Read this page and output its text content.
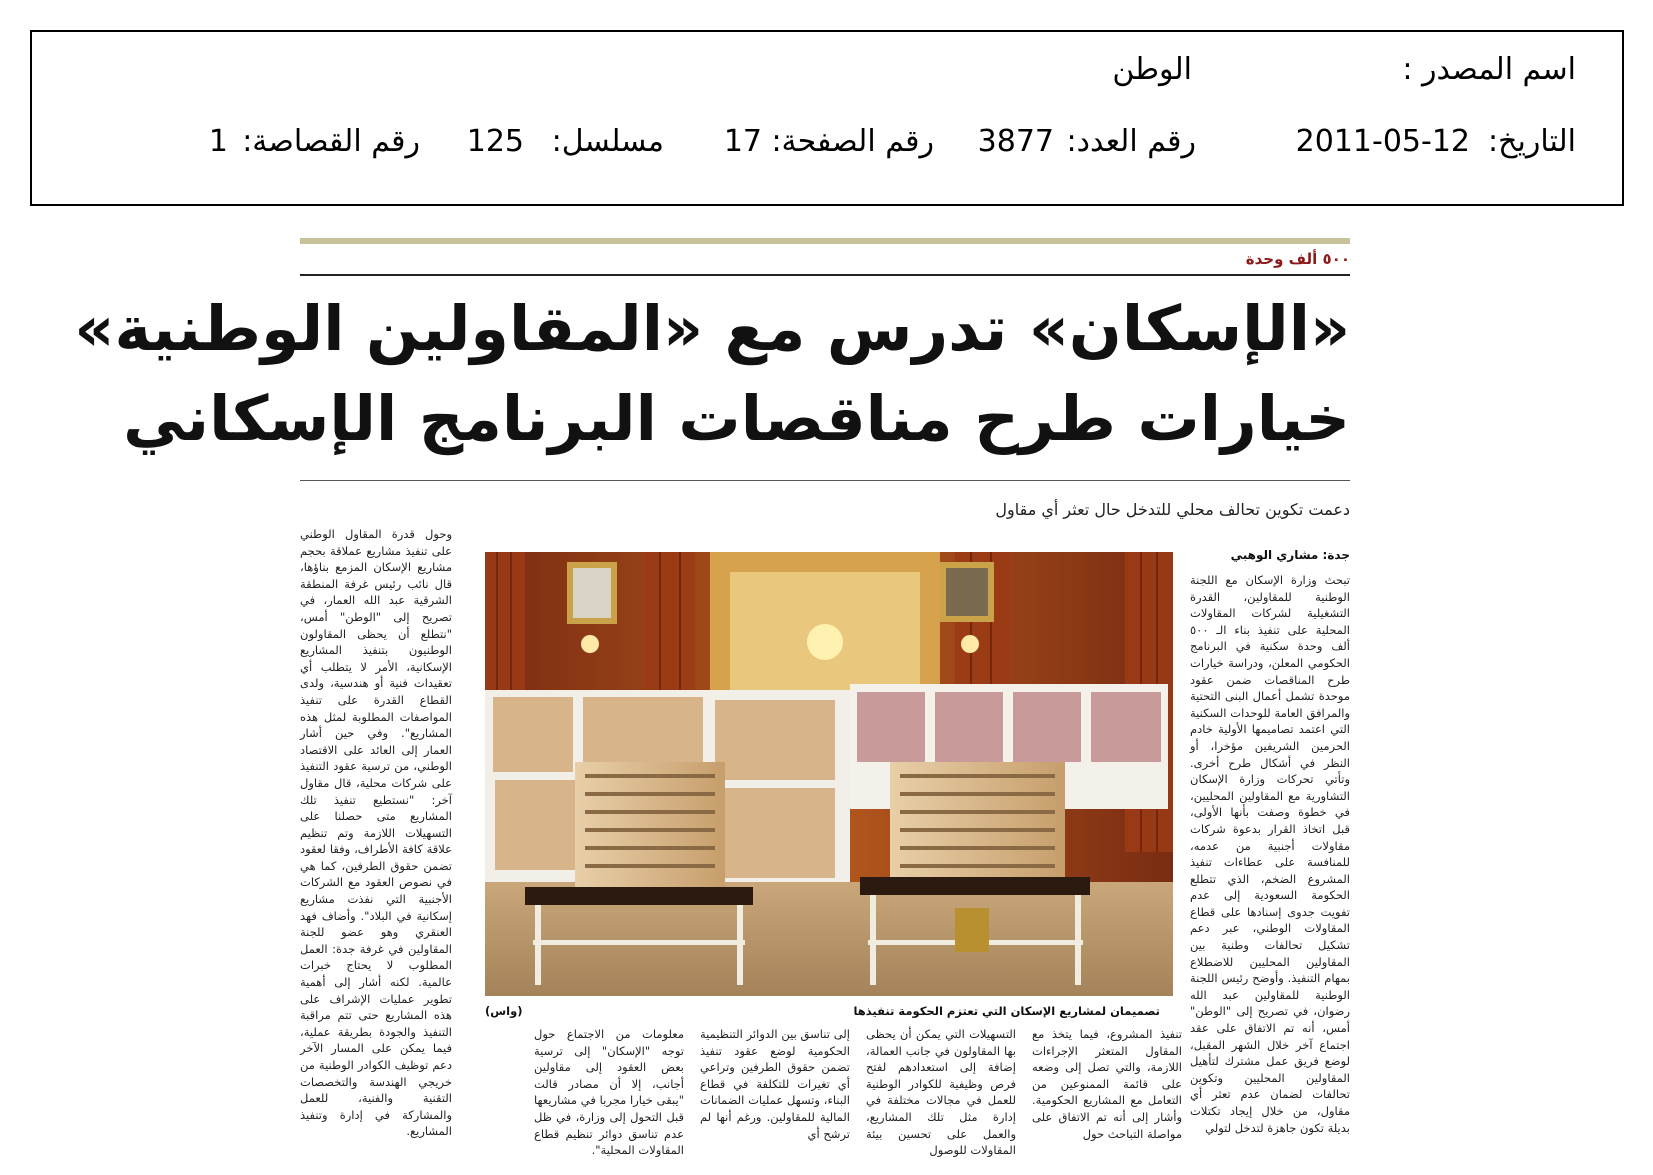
اسم المصدر :
الوطن
التاريخ:
2011-05-12
رقم العدد:
3877
رقم الصفحة:
17
مسلسل:
125
رقم القصاصة:
1
٥٠٠ ألف وحدة
«الإسكان» تدرس مع «المقاولين الوطنية»
خيارات طرح مناقصات البرنامج الإسكاني
دعمت تكوين تحالف محلي للتدخل حال تعثر أي مقاول
جدة: مشاري الوهبي
تبحث وزارة الإسكان مع اللجنة الوطنية للمقاولين، القدرة التشغيلية لشركات المقاولات المحلية على تنفيذ بناء الـ ٥٠٠ ألف وحدة سكنية في البرنامج الحكومي المعلن، ودراسة خيارات طرح المناقصات ضمن عقود موحدة تشمل أعمال البنى التحتية والمرافق العامة للوحدات السكنية التي اعتمد تصاميمها الأولية خادم الحرمين الشريفين مؤخرا، أو النظر في أشكال طرح أخرى. وتأتي تحركات وزارة الإسكان التشاورية مع المقاولين المحليين، في خطوة وصفت بأنها الأولى، قبل اتخاذ القرار بدعوة شركات مقاولات أجنبية من عدمه، للمنافسة على عطاءات تنفيذ المشروع الضخم، الذي تتطلع الحكومة السعودية إلى عدم تفويت جدوى إسنادها على قطاع المقاولات الوطني، عبر دعم تشكيل تحالفات وطنية بين المقاولين المحليين للاضطلاع بمهام التنفيذ. وأوضح رئيس اللجنة الوطنية للمقاولين عبد الله رضوان، في تصريح إلى "الوطن" أمس، أنه تم الاتفاق على عقد اجتماع آخر خلال الشهر المقبل، لوضع فريق عمل مشترك لتأهيل المقاولين المحليين وتكوين تحالفات لضمان عدم تعثر أي مقاول، من خلال إيجاد تكتلات بديلة تكون جاهزة لتدخل لتولي
وحول قدرة المقاول الوطني على تنفيذ مشاريع عملاقة بحجم مشاريع الإسكان المزمع بناؤها، قال نائب رئيس غرفة المنطقة الشرقية عبد الله العمار، في تصريح إلى "الوطن" أمس، "نتطلع أن يحظى المقاولون الوطنيون بتنفيذ المشاريع الإسكانية، الأمر لا يتطلب أي تعقيدات فنية أو هندسية، ولدى القطاع القدرة على تنفيذ المواصفات المطلوبة لمثل هذه المشاريع". وفي حين أشار العمار إلى العائد على الاقتصاد الوطني، من ترسية عقود التنفيذ على شركات محلية، قال مقاول آخر: "نستطيع تنفيذ تلك المشاريع متى حصلنا على التسهيلات اللازمة وتم تنظيم علاقة كافة الأطراف، وفقا لعقود تضمن حقوق الطرفين، كما هي في نصوص العقود مع الشركات الأجنبية التي نفذت مشاريع إسكانية في البلاد". وأضاف فهد العنقري وهو عضو للجنة المقاولين في غرفة جدة: العمل المطلوب لا يحتاج خبرات عالمية. لكنه أشار إلى أهمية تطوير عمليات الإشراف على هذه المشاريع حتى تتم مراقبة التنفيذ والجودة بطريقة عملية، فيما يمكن على المسار الآخر دعم توظيف الكوادر الوطنية من خريجي الهندسة والتخصصات التقنية والفنية، للعمل والمشاركة في إدارة وتنفيذ المشاريع.
تصميمان لمشاريع الإسكان التي تعتزم الحكومة تنفيذها
(واس)
تنفيذ المشروع، فيما يتخذ مع المقاول المتعثر الإجراءات اللازمة، والتي تصل إلى وضعه على قائمة الممنوعين من التعامل مع المشاريع الحكومية. وأشار إلى أنه تم الاتفاق على مواصلة التباحث حول
التسهيلات التي يمكن أن يحظى بها المقاولون في جانب العمالة، إضافة إلى استعدادهم لفتح فرص وظيفية للكوادر الوطنية للعمل في مجالات مختلفة في إدارة مثل تلك المشاريع، والعمل على تحسين بيئة المقاولات للوصول
إلى تناسق بين الدوائر التنظيمية الحكومية لوضع عقود تنفيذ تضمن حقوق الطرفين وتراعي أي تغيرات للتكلفة في قطاع البناء، وتسهل عمليات الضمانات المالية للمقاولين. ورغم أنها لم ترشح أي
معلومات من الاجتماع حول توجه "الإسكان" إلى ترسية بعض العقود إلى مقاولين أجانب، إلا أن مصادر قالت "يبقى خيارا مجربا في مشاريعها قبل التحول إلى وزارة، في ظل عدم تناسق دوائر تنظيم قطاع المقاولات المحلية".
